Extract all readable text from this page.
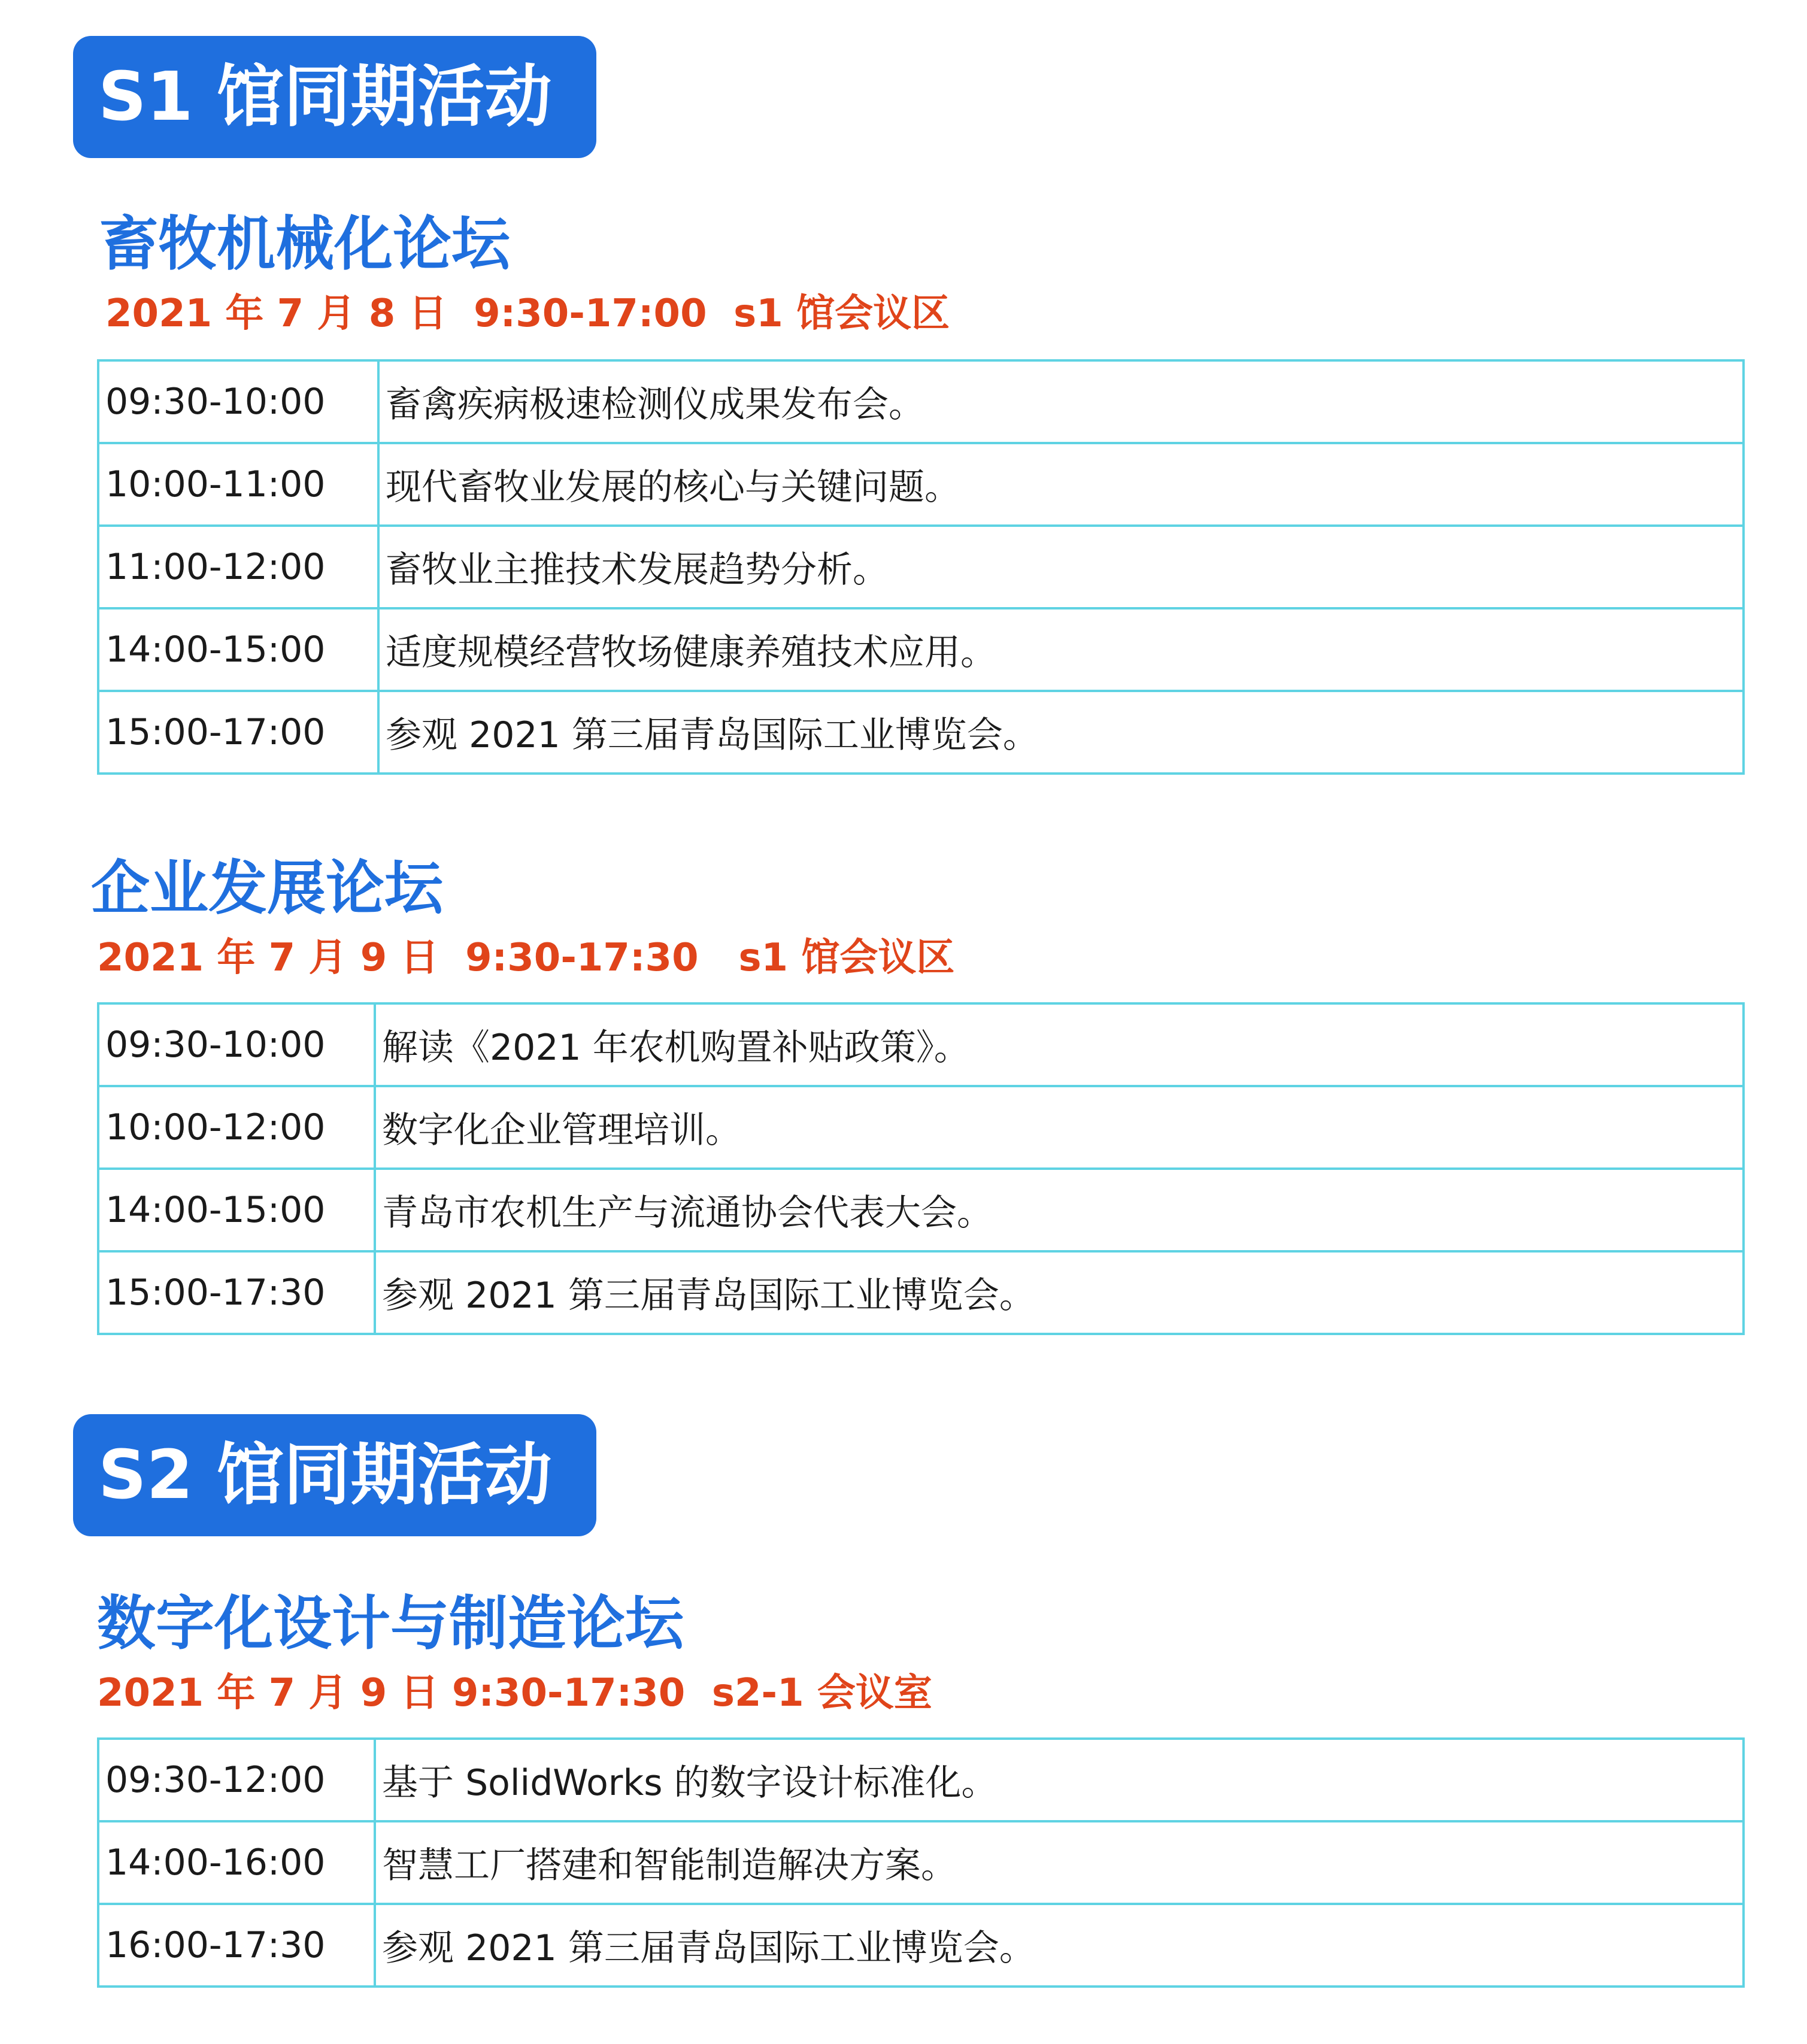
S1 馆同期活动
畜牧机械化论坛
2021 年 7 月 8 日  9:30-17:00  s1 馆会议区
09:30-10:00	畜禽疾病极速检测仪成果发布会。
10:00-11:00	现代畜牧业发展的核心与关键问题。
11:00-12:00	畜牧业主推技术发展趋势分析。
14:00-15:00	适度规模经营牧场健康养殖技术应用。
15:00-17:00	参观 2021 第三届青岛国际工业博览会。
企业发展论坛
2021 年 7 月 9 日  9:30-17:30   s1 馆会议区
09:30-10:00	解读《2021 年农机购置补贴政策》。
10:00-12:00	数字化企业管理培训。
14:00-15:00	青岛市农机生产与流通协会代表大会。
15:00-17:30	参观 2021 第三届青岛国际工业博览会。
S2 馆同期活动
数字化设计与制造论坛
2021 年 7 月 9 日 9:30-17:30  s2-1 会议室
09:30-12:00	基于 SolidWorks 的数字设计标准化。
14:00-16:00	智慧工厂搭建和智能制造解决方案。
16:00-17:30	参观 2021 第三届青岛国际工业博览会。
